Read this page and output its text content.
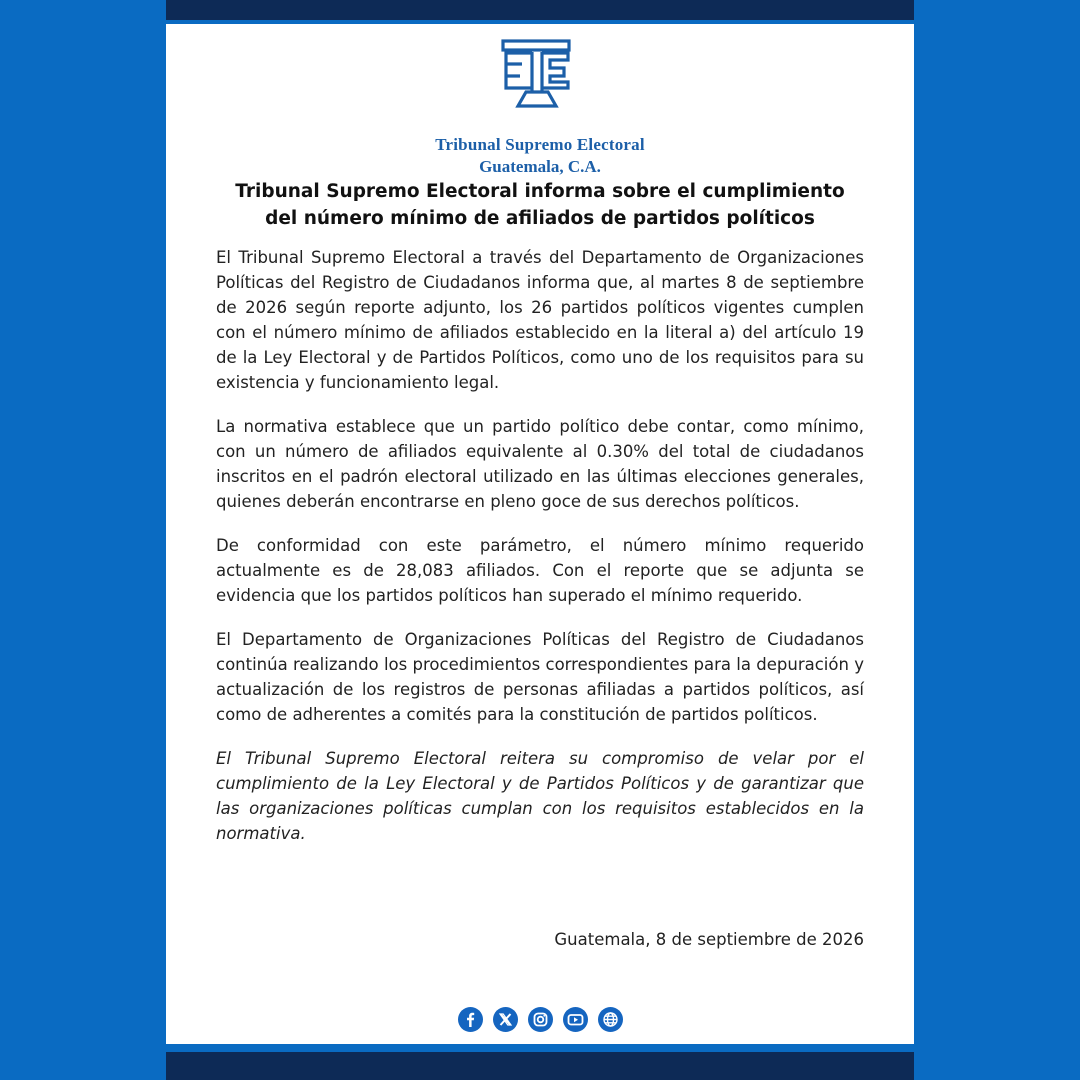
Tribunal Supremo Electoral
Guatemala, C.A.
Tribunal Supremo Electoral informa sobre el cumplimiento
del número mínimo de afiliados de partidos políticos

El Tribunal Supremo Electoral a través del Departamento de Organizaciones Políticas del Registro de Ciudadanos informa que, al martes 8 de septiembre de 2026 según reporte adjunto, los 26 partidos políticos vigentes cumplen con el número mínimo de afiliados establecido en la literal a) del artículo 19 de la Ley Electoral y de Partidos Políticos, como uno de los requisitos para su existencia y funcionamiento legal.

La normativa establece que un partido político debe contar, como mínimo, con un número de afiliados equivalente al 0.30% del total de ciudadanos inscritos en el padrón electoral utilizado en las últimas elecciones generales, quienes deberán encontrarse en pleno goce de sus derechos políticos.

De conformidad con este parámetro, el número mínimo requerido actualmente es de 28,083 afiliados. Con el reporte que se adjunta se evidencia que los partidos políticos han superado el mínimo requerido.

El Departamento de Organizaciones Políticas del Registro de Ciudadanos continúa realizando los procedimientos correspondientes para la depuración y actualización de los registros de personas afiliadas a partidos políticos, así como de adherentes a comités para la constitución de partidos políticos.

El Tribunal Supremo Electoral reitera su compromiso de velar por el cumplimiento de la Ley Electoral y de Partidos Políticos y de garantizar que las organizaciones políticas cumplan con los requisitos establecidos en la normativa.

Guatemala, 8 de septiembre de 2026
